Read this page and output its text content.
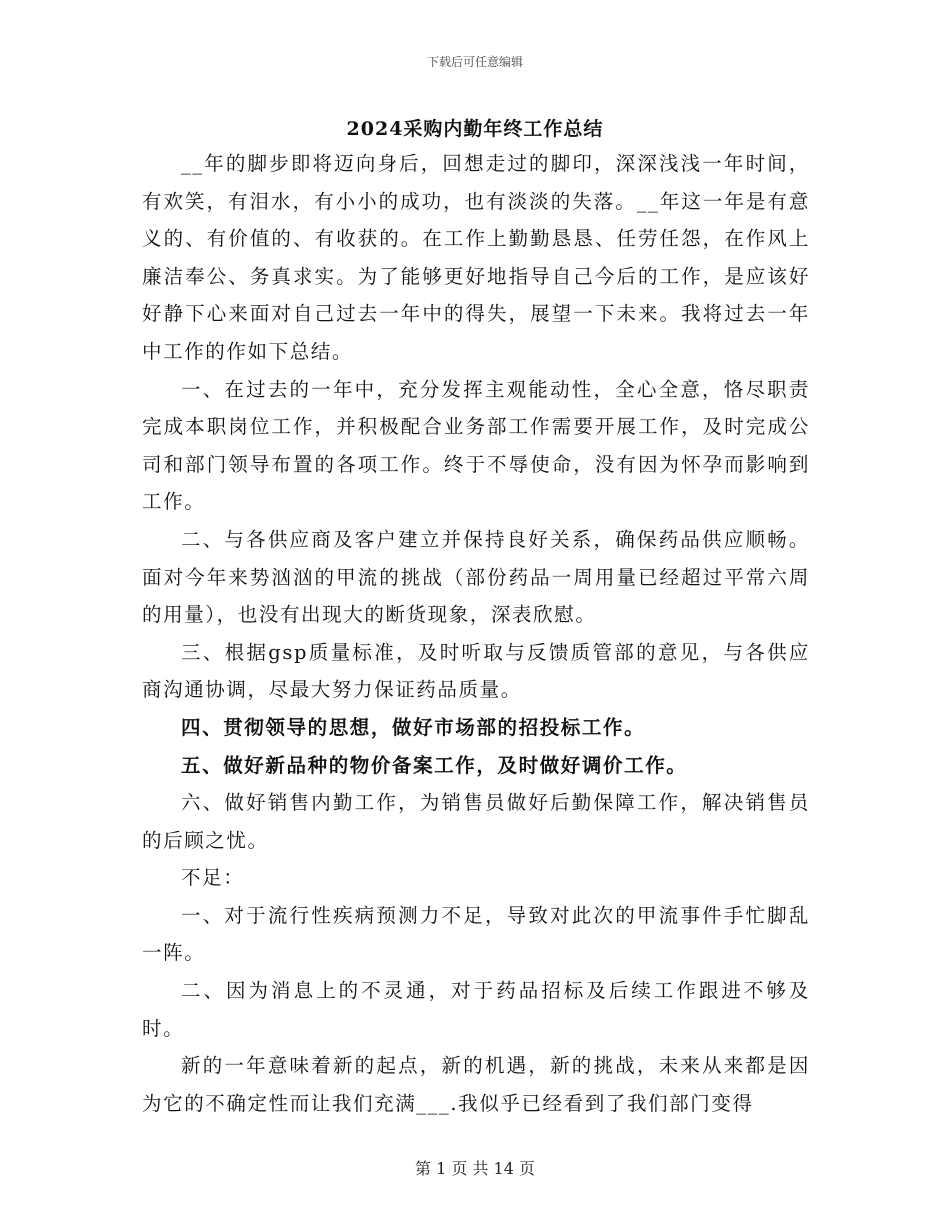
下载后可任意编辑
2024采购内勤年终工作总结

__年的脚步即将迈向身后，回想走过的脚印，深深浅浅一年时间，有欢笑，有泪水，有小小的成功，也有淡淡的失落。__年这一年是有意义的、有价值的、有收获的。在工作上勤勤恳恳、任劳任怨，在作风上廉洁奉公、务真求实。为了能够更好地指导自己今后的工作，是应该好好静下心来面对自己过去一年中的得失，展望一下未来。我将过去一年中工作的作如下总结。

一、在过去的一年中，充分发挥主观能动性，全心全意，恪尽职责完成本职岗位工作，并积极配合业务部工作需要开展工作，及时完成公司和部门领导布置的各项工作。终于不辱使命，没有因为怀孕而影响到工作。

二、与各供应商及客户建立并保持良好关系，确保药品供应顺畅。面对今年来势汹汹的甲流的挑战（部份药品一周用量已经超过平常六周的用量），也没有出现大的断货现象，深表欣慰。

三、根据gsp质量标准，及时听取与反馈质管部的意见，与各供应商沟通协调，尽最大努力保证药品质量。

四、贯彻领导的思想，做好市场部的招投标工作。

五、做好新品种的物价备案工作，及时做好调价工作。

六、做好销售内勤工作，为销售员做好后勤保障工作，解决销售员的后顾之忧。

不足：

一、对于流行性疾病预测力不足，导致对此次的甲流事件手忙脚乱一阵。

二、因为消息上的不灵通，对于药品招标及后续工作跟进不够及时。

新的一年意味着新的起点，新的机遇，新的挑战，未来从来都是因为它的不确定性而让我们充满___.我似乎已经看到了我们部门变得

第 1 页 共 14 页
